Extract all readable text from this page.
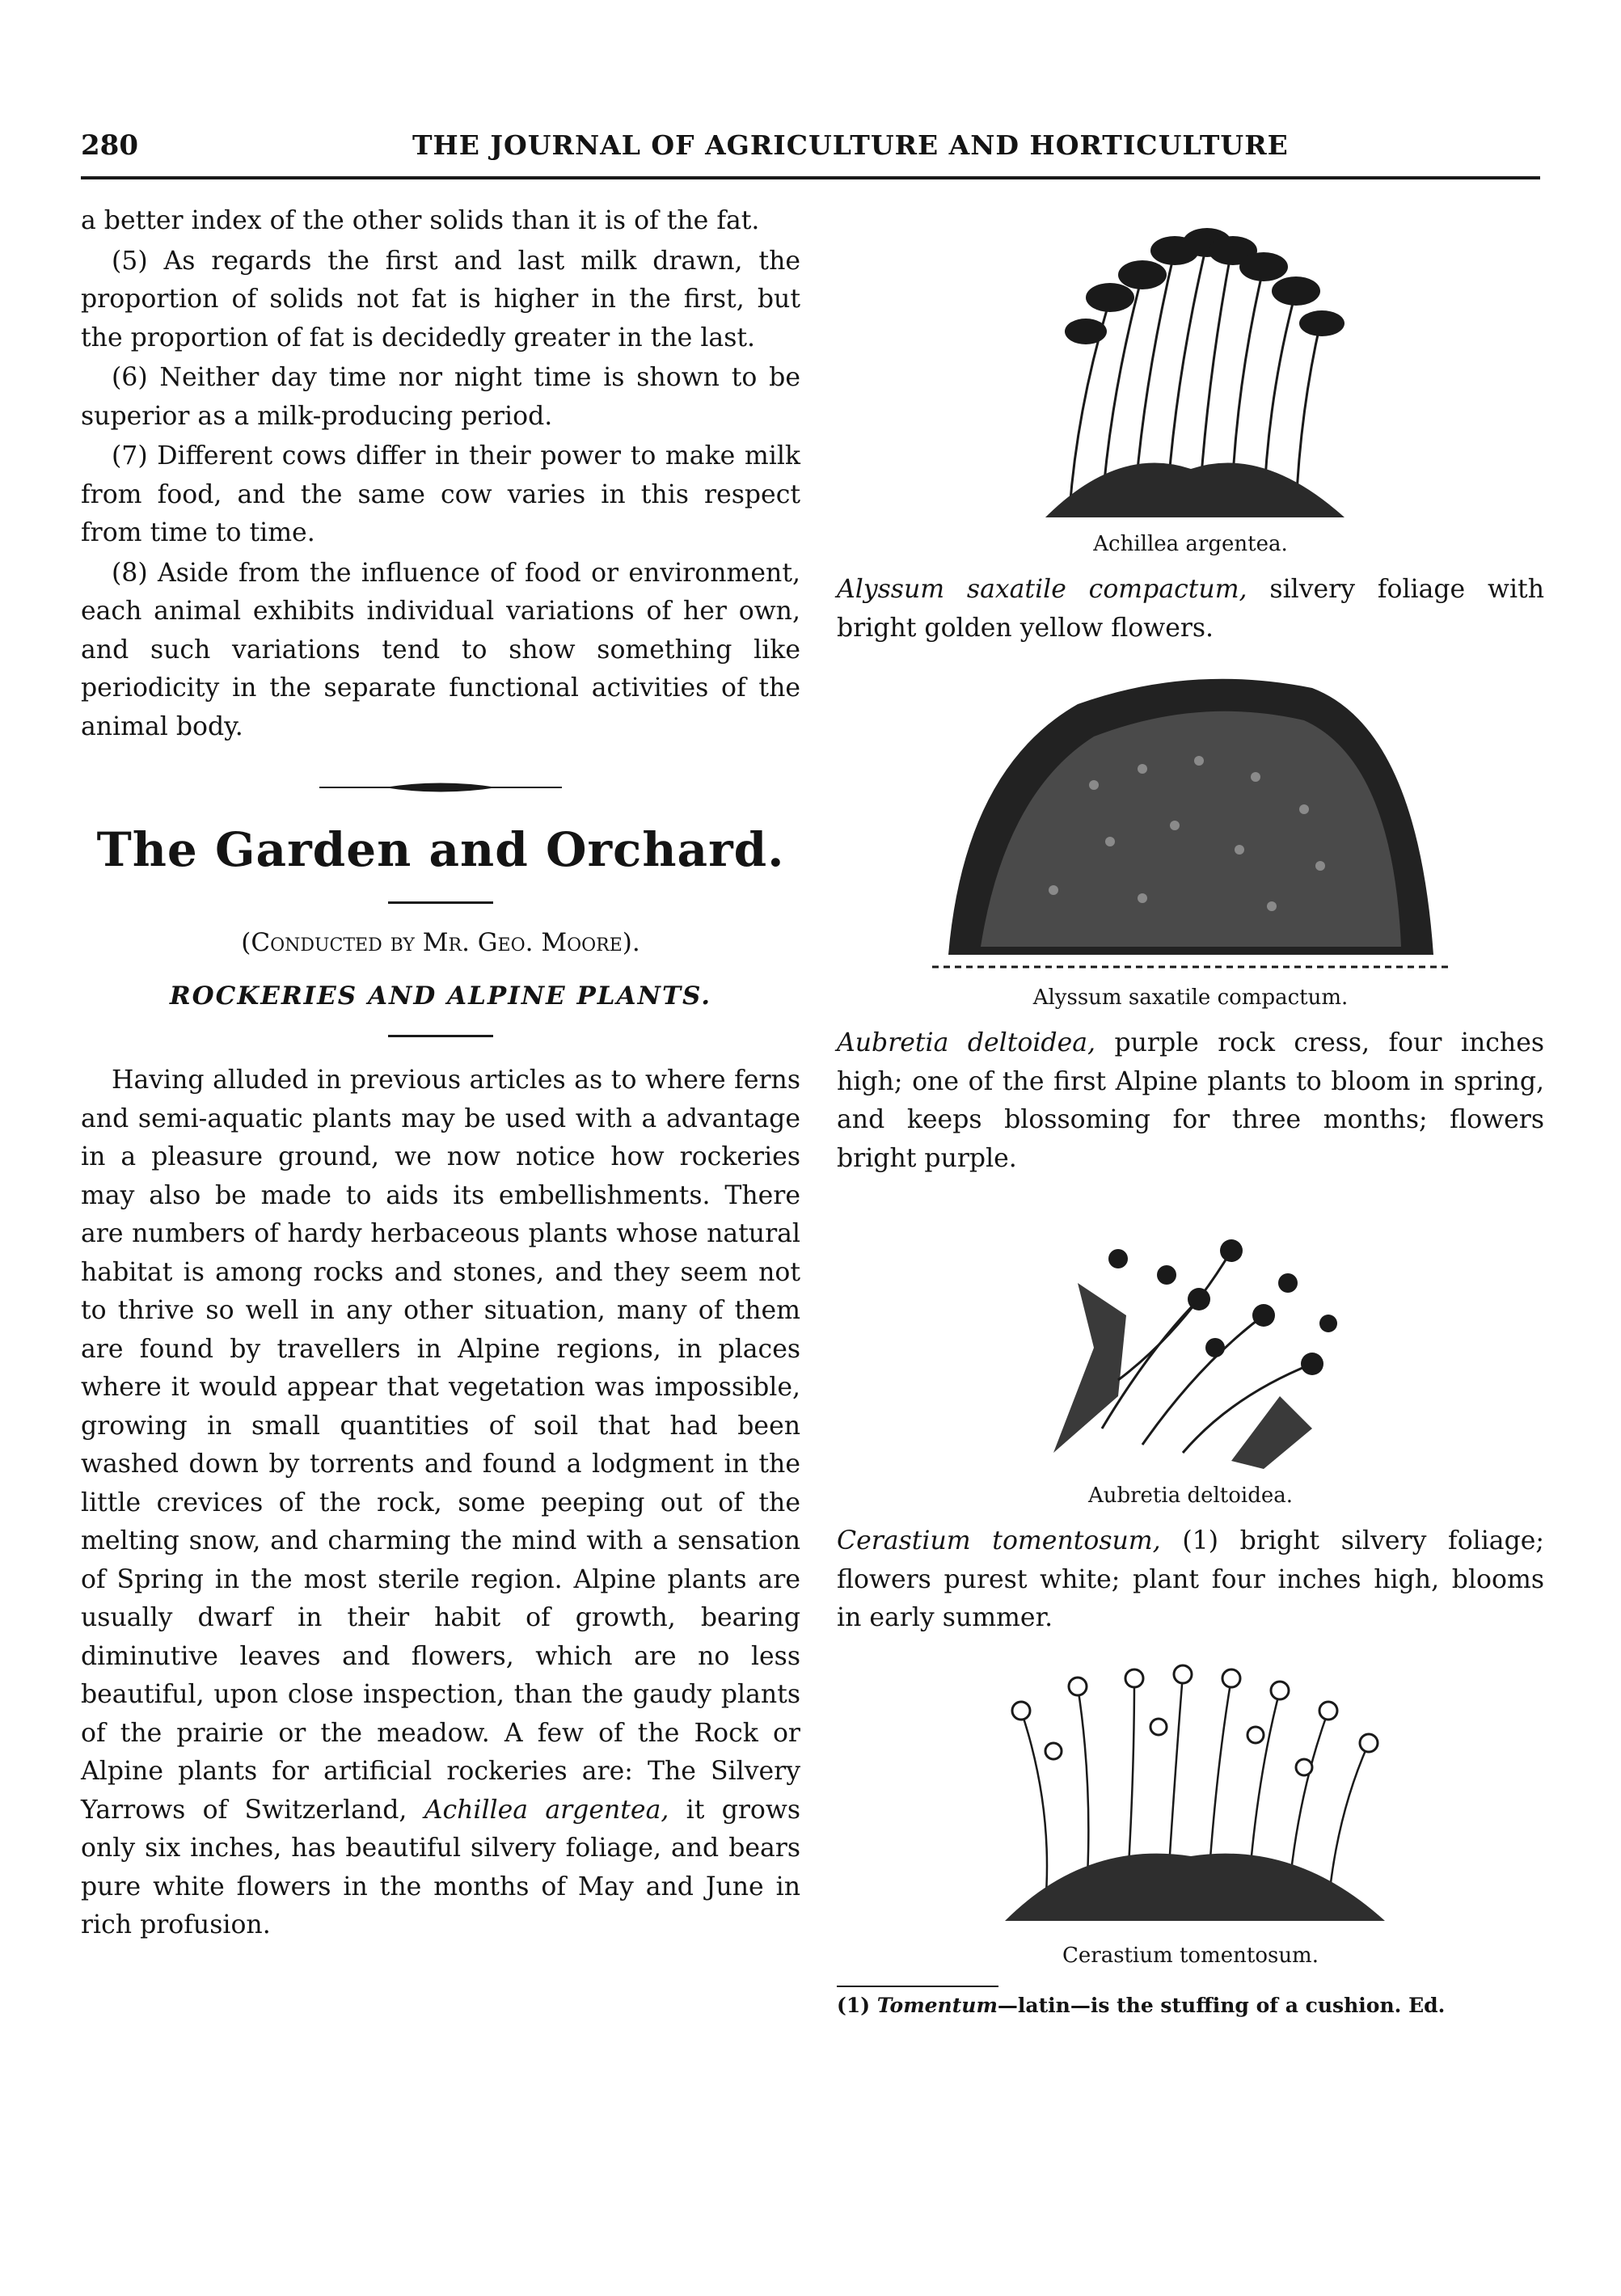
280	THE JOURNAL OF AGRICULTURE AND HORTICULTURE

a better index of the other solids than it is of the fat.

(5) As regards the first and last milk drawn, the proportion of solids not fat is higher in the first, but the proportion of fat is decidedly greater in the last.

(6) Neither day time nor night time is shown to be superior as a milk-producing period.

(7) Different cows differ in their power to make milk from food, and the same cow varies in this respect from time to time.

(8) Aside from the influence of food or environment, each animal exhibits individual variations of her own, and such variations tend to show something like periodicity in the separate functional activities of the animal body.

The Garden and Orchard.
(Conducted by Mr. Geo. Moore).
ROCKERIES AND ALPINE PLANTS.

Having alluded in previous articles as to where ferns and semi-aquatic plants may be used with a advantage in a pleasure ground, we now notice how rockeries may also be made to aids its embellishments. There are numbers of hardy herbaceous plants whose natural habitat is among rocks and stones, and they seem not to thrive so well in any other situation, many of them are found by travellers in Alpine regions, in places where it would appear that vegetation was impossible, growing in small quantities of soil that had been washed down by torrents and found a lodgment in the little crevices of the rock, some peeping out of the melting snow, and charming the mind with a sensation of Spring in the most sterile region. Alpine plants are usually dwarf in their habit of growth, bearing diminutive leaves and flowers, which are no less beautiful, upon close inspection, than the gaudy plants of the prairie or the meadow. A few of the Rock or Alpine plants for artificial rockeries are: The Silvery Yarrows of Switzerland, Achillea argentea, it grows only six inches, has beautiful silvery foliage, and bears pure white flowers in the months of May and June in rich profusion.

Achillea argentea.

Alyssum saxatile compactum, silvery foliage with bright golden yellow flowers.

Alyssum saxatile compactum.

Aubretia deltoidea, purple rock cress, four inches high; one of the first Alpine plants to bloom in spring, and keeps blossoming for three months; flowers bright purple.

Aubretia deltoidea.

Cerastium tomentosum, (1) bright silvery foliage; flowers purest white; plant four inches high, blooms in early summer.

Cerastium tomentosum.
(1) Tomentum—latin—is the stuffing of a cushion. Ed.
